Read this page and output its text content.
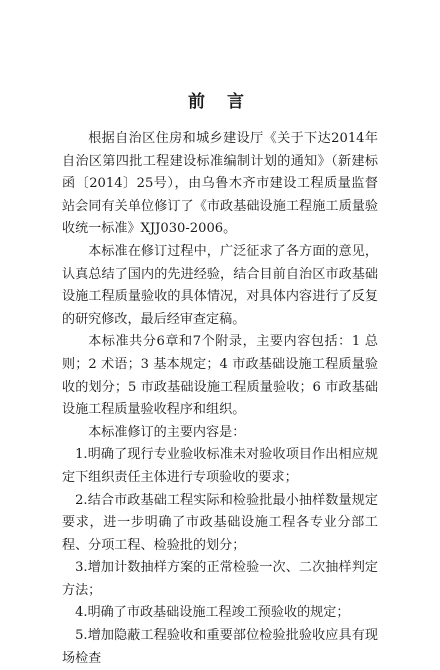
前 言

根据自治区住房和城乡建设厅《关于下达2014年自治区第四批工程建设标准编制计划的通知》（新建标函〔2014〕25号），由乌鲁木齐市建设工程质量监督站会同有关单位修订了《市政基础设施工程施工质量验收统一标准》XJJ030-2006。

本标准在修订过程中，广泛征求了各方面的意见，认真总结了国内的先进经验，结合目前自治区市政基础设施工程质量验收的具体情况，对具体内容进行了反复的研究修改，最后经审查定稿。

本标准共分6章和7个附录，主要内容包括：1 总则；2 术语；3 基本规定；4 市政基础设施工程质量验收的划分；5 市政基础设施工程质量验收；6 市政基础设施工程质量验收程序和组织。

本标准修订的主要内容是：

1.明确了现行专业验收标准未对验收项目作出相应规定下组织责任主体进行专项验收的要求；

2.结合市政基础工程实际和检验批最小抽样数量规定要求，进一步明确了市政基础设施工程各专业分部工程、分项工程、检验批的划分；

3.增加计数抽样方案的正常检验一次、二次抽样判定方法；

4.明确了市政基础设施工程竣工预验收的规定；

5.增加隐蔽工程验收和重要部位检验批验收应具有现场检查
